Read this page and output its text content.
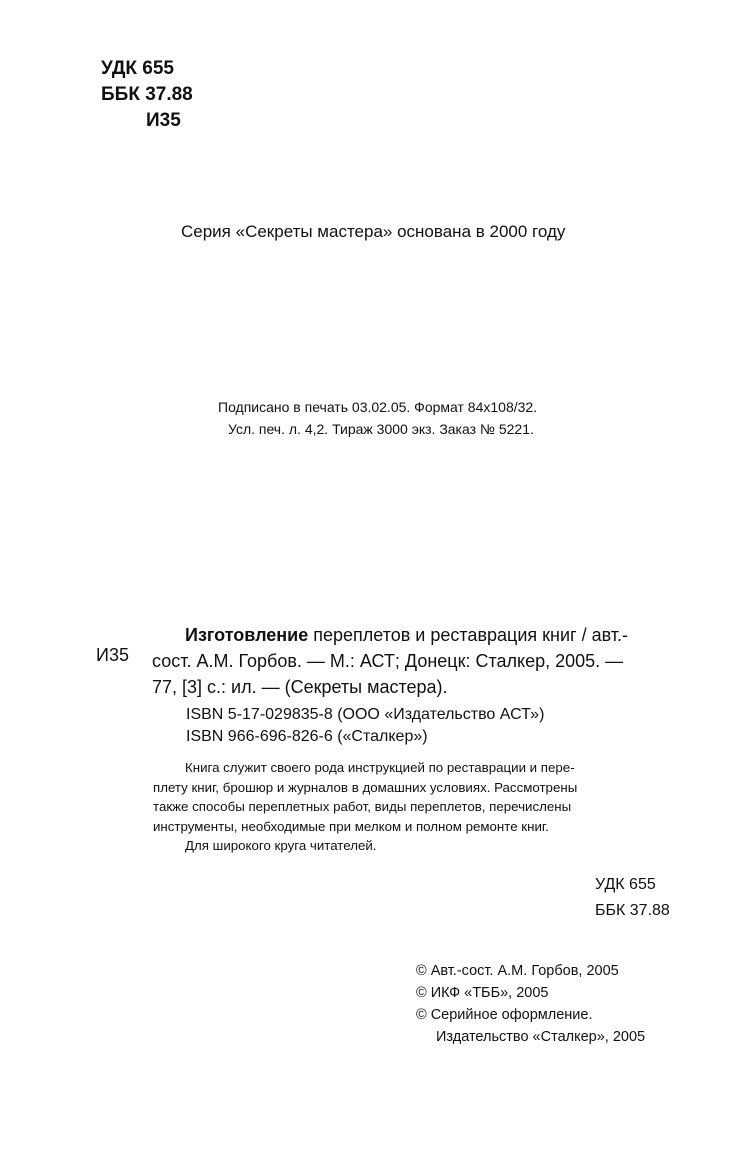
УДК 655
ББК 37.88
И35
Серия «Секреты мастера» основана в 2000 году
Подписано в печать 03.02.05. Формат 84x108/32.
Усл. печ. л. 4,2. Тираж 3000 экз. Заказ № 5221.
И35
Изготовление переплетов и реставрация книг / авт.-
сост. А.М. Горбов. — М.: АСТ; Донецк: Сталкер, 2005. —
77, [3] с.: ил. — (Секреты мастера).
ISBN 5-17-029835-8 (ООО «Издательство АСТ»)
ISBN 966-696-826-6 («Сталкер»)
Книга служит своего рода инструкцией по реставрации и пере-
плету книг, брошюр и журналов в домашних условиях. Рассмотрены
также способы переплетных работ, виды переплетов, перечислены
инструменты, необходимые при мелком и полном ремонте книг.
Для широкого круга читателей.
УДК 655
ББК 37.88
© Авт.-сост. А.М. Горбов, 2005
© ИКФ «ТББ», 2005
© Серийное оформление.
Издательство «Сталкер», 2005
